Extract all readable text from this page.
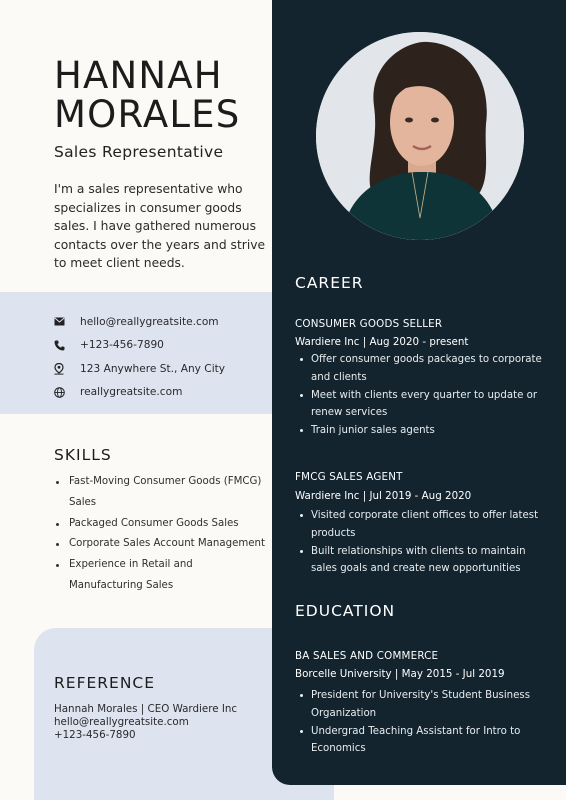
HANNAH
MORALES
Sales Representative

I'm a sales representative who specializes in consumer goods sales. I have gathered numerous contacts over the years and strive to meet client needs.

hello@reallygreatsite.com
+123-456-7890
123 Anywhere St., Any City
reallygreatsite.com
SKILLS
Fast-Moving Consumer Goods (FMCG) Sales
Packaged Consumer Goods Sales
Corporate Sales Account Management
Experience in Retail and Manufacturing Sales
REFERENCE
Hannah Morales | CEO Wardiere Inc
hello@reallygreatsite.com
+123-456-7890
CAREER
CONSUMER GOODS SELLER
Wardiere Inc | Aug 2020 - present
Offer consumer goods packages to corporate and clients
Meet with clients every quarter to update or renew services
Train junior sales agents
FMCG SALES AGENT
Wardiere Inc | Jul 2019 - Aug 2020
Visited corporate client offices to offer latest products
Built relationships with clients to maintain sales goals and create new opportunities
EDUCATION
BA SALES AND COMMERCE
Borcelle University | May 2015 - Jul 2019
President for University's Student Business Organization
Undergrad Teaching Assistant for Intro to Economics
